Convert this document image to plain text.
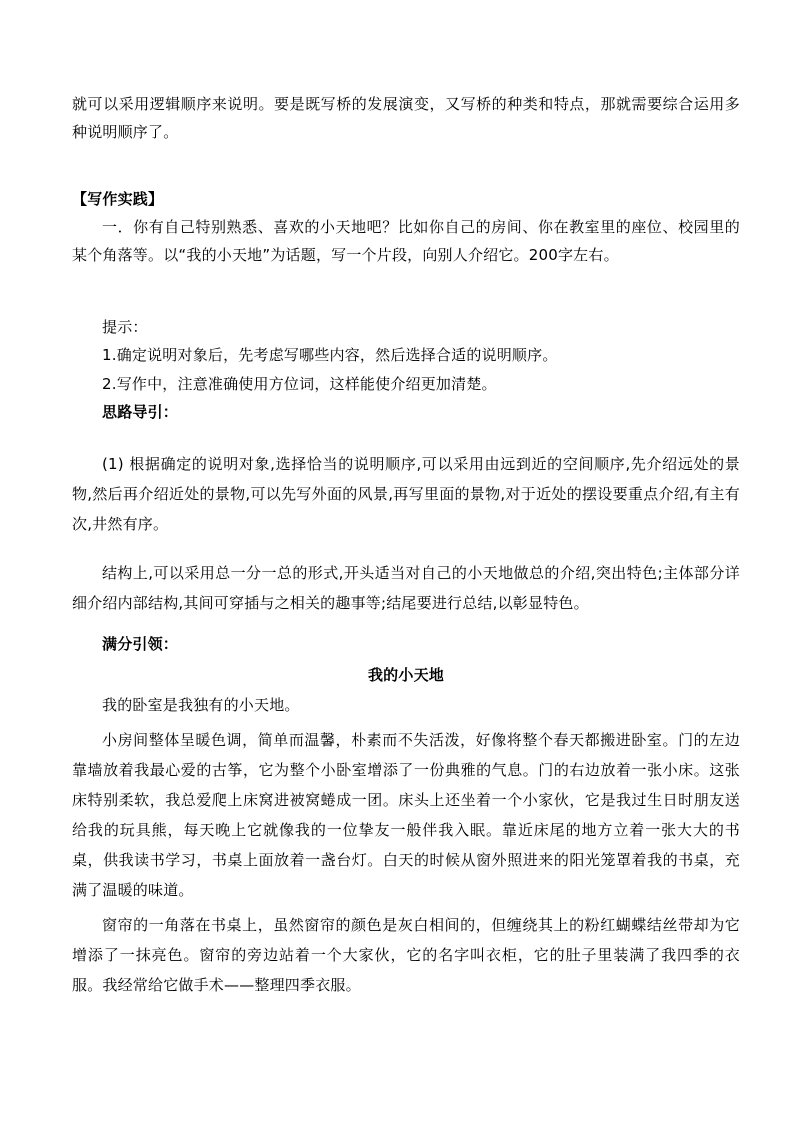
就可以采用逻辑顺序来说明。要是既写桥的发展演变，又写桥的种类和特点，那就需要综合运用多种说明顺序了。
【写作实践】
一．你有自己特别熟悉、喜欢的小天地吧？比如你自己的房间、你在教室里的座位、校园里的某个角落等。以“我的小天地”为话题，写一个片段，向别人介绍它。200字左右。
提示：
1.确定说明对象后，先考虑写哪些内容，然后选择合适的说明顺序。
2.写作中，注意准确使用方位词，这样能使介绍更加清楚。
思路导引：
(1) 根据确定的说明对象,选择恰当的说明顺序,可以采用由远到近的空间顺序,先介绍远处的景物,然后再介绍近处的景物,可以先写外面的风景,再写里面的景物,对于近处的摆设要重点介绍,有主有次,井然有序。
结构上,可以采用总一分一总的形式,开头适当对自己的小天地做总的介绍,突出特色;主体部分详细介绍内部结构,其间可穿插与之相关的趣事等;结尾要进行总结,以彰显特色。
满分引领：
我的小天地
我的卧室是我独有的小天地。
小房间整体呈暖色调，简单而温馨，朴素而不失活泼，好像将整个春天都搬进卧室。门的左边靠墙放着我最心爱的古筝，它为整个小卧室增添了一份典雅的气息。门的右边放着一张小床。这张床特别柔软，我总爱爬上床窝进被窝蜷成一团。床头上还坐着一个小家伙，它是我过生日时朋友送给我的玩具熊，每天晚上它就像我的一位挚友一般伴我入眠。靠近床尾的地方立着一张大大的书桌，供我读书学习，书桌上面放着一盏台灯。白天的时候从窗外照进来的阳光笼罩着我的书桌，充满了温暖的味道。
窗帘的一角落在书桌上，虽然窗帘的颜色是灰白相间的，但缠绕其上的粉红蝴蝶结丝带却为它增添了一抹亮色。窗帘的旁边站着一个大家伙，它的名字叫衣柜，它的肚子里装满了我四季的衣服。我经常给它做手术——整理四季衣服。
